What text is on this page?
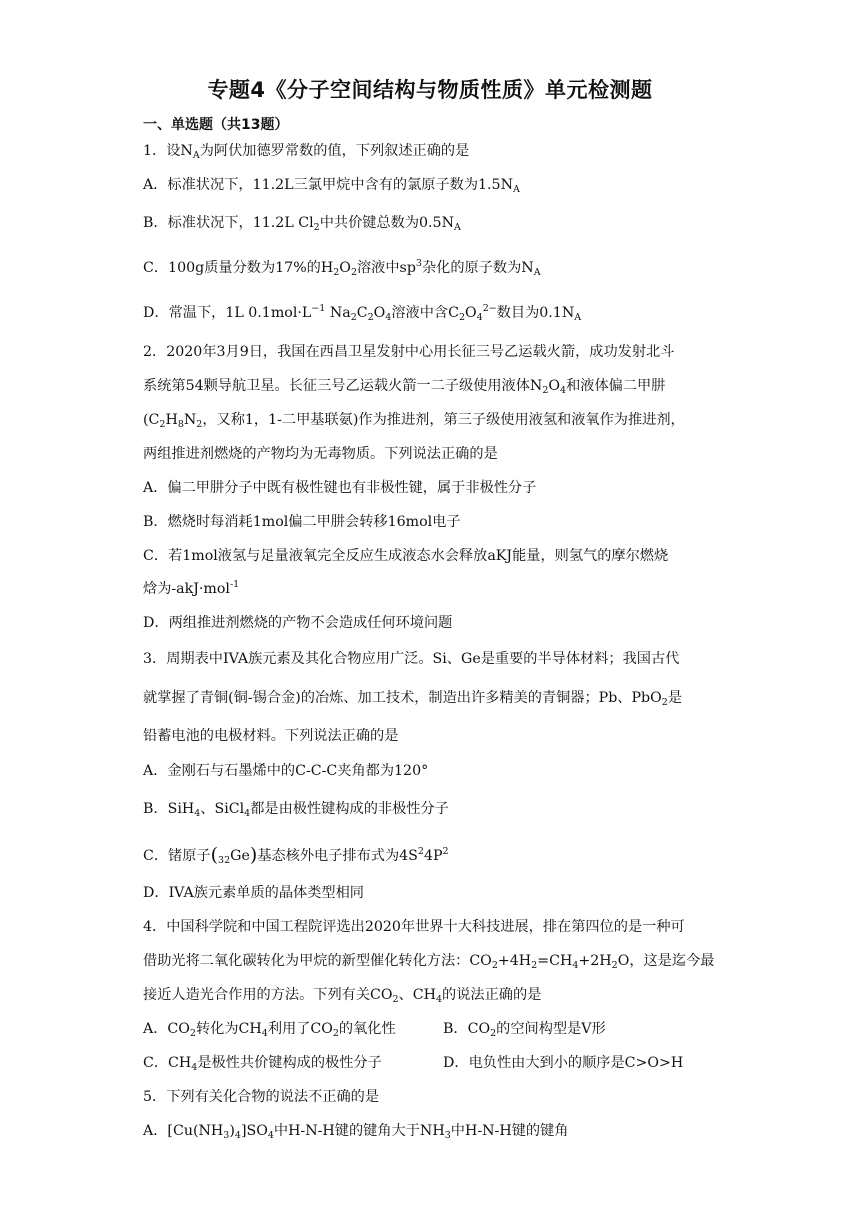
专题4《分子空间结构与物质性质》单元检测题
一、单选题（共13题）
1．设$N_A$为阿伏加德罗常数的值，下列叙述正确的是
A．标准状况下，11.2L三氯甲烷中含有的氯原子数为$1.5N_A$
B．标准状况下，11.2L $Cl_2$中共价键总数为$0.5N_A$
C．100g质量分数为17%的$H_2O_2$溶液中$sp^3$杂化的原子数为$N_A$
D．常温下，1L $0.1mol\cdot L^{-1}$ $Na_2C_2O_4$溶液中含$C_2O_4^{2-}$数目为$0.1N_A$
2．2020年3月9日，我国在西昌卫星发射中心用长征三号乙运载火箭，成功发射北斗
系统第54颗导航卫星。长征三号乙运载火箭一二子级使用液体$N_2O_4$和液体偏二甲肼
($C_2H_8N_2$，又称1，1-二甲基联氨)作为推进剂，第三子级使用液氢和液氧作为推进剂，
两组推进剂燃烧的产物均为无毒物质。下列说法正确的是
A．偏二甲肼分子中既有极性键也有非极性键，属于非极性分子
B．燃烧时每消耗1mol偏二甲肼会转移16mol电子
C．若1mol液氢与足量液氧完全反应生成液态水会释放aKJ能量，则氢气的摩尔燃烧
焓为-akJ·mol$^{-1}$
D．两组推进剂燃烧的产物不会造成任何环境问题
3．周期表中IVA族元素及其化合物应用广泛。Si、Ge是重要的半导体材料；我国古代
就掌握了青铜(铜-锡合金)的冶炼、加工技术，制造出许多精美的青铜器；Pb、PbO$_2$是
铅蓄电池的电极材料。下列说法正确的是
A．金刚石与石墨烯中的C-C-C夹角都为120°
B．SiH$_4$、SiCl$_4$都是由极性键构成的非极性分子
C．锗原子$(_{32}Ge)$基态核外电子排布式为$4S^24P^2$
D．IVA族元素单质的晶体类型相同
4．中国科学院和中国工程院评选出2020年世界十大科技进展，排在第四位的是一种可
借助光将二氧化碳转化为甲烷的新型催化转化方法：$CO_2+4H_2=CH_4+2H_2O$，这是迄今最
接近人造光合作用的方法。下列有关$CO_2$、$CH_4$的说法正确的是
A．$CO_2$转化为$CH_4$利用了$CO_2$的氧化性	B．$CO_2$的空间构型是V形
C．$CH_4$是极性共价键构成的极性分子	D．电负性由大到小的顺序是C>O>H
5．下列有关化合物的说法不正确的是
A．$[Cu(NH_3)_4]SO_4$中H-N-H键的键角大于$NH_3$中H-N-H键的键角
